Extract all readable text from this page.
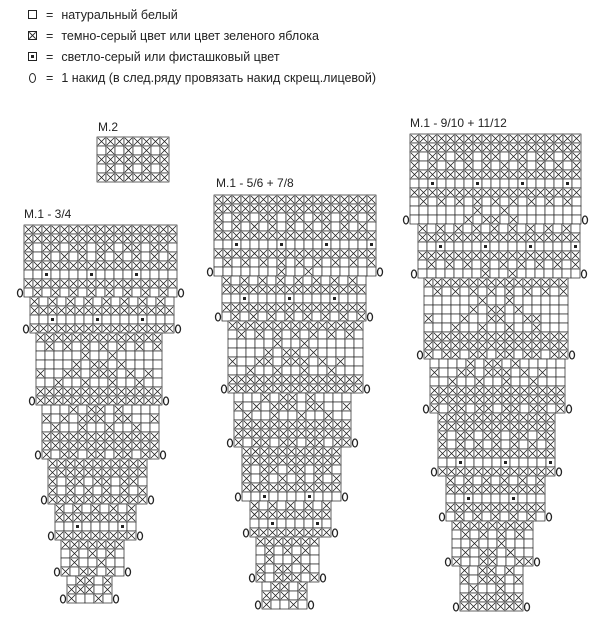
= натуральный белый
= темно-серый цвет или цвет зеленого яблока
= светло-серый или фисташковый цвет
= 1 накид (в след.ряду провязать накид скрещ.лицевой)
M.2
M.1 - 3/4
M.1 - 5/6 + 7/8
M.1 - 9/10 + 11/12
